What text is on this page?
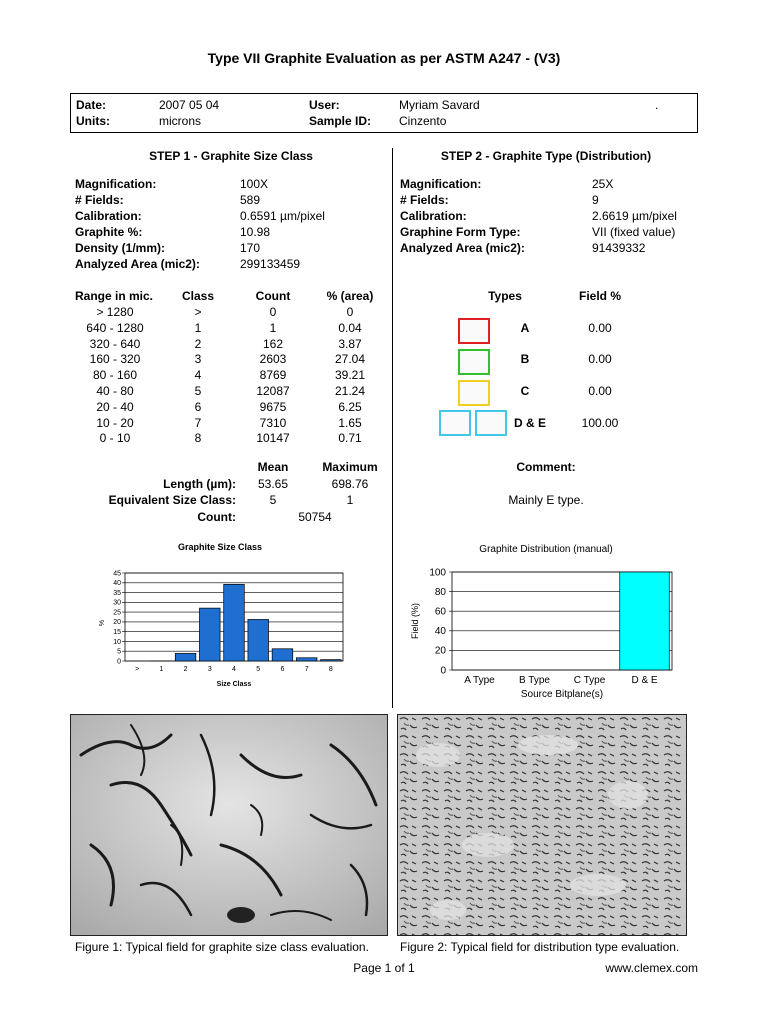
Type VII Graphite Evaluation as per ASTM A247 - (V3)
Date:	2007 05 04
Units:	microns
User:	Myriam Savard
Sample ID: Cinzento
.
STEP 1 - Graphite Size Class
Magnification:	100X
# Fields:	589
Calibration:	0.6591 µm/pixel
Graphite %:	10.98
Density (1/mm):	170
Analyzed Area (mic2):	299133459
Range in mic.	Class	Count	% (area)
> 1280	>	0	0
640 - 1280	1	1	0.04
320 - 640	2	162	3.87
160 - 320	3	2603	27.04
80 - 160	4	8769	39.21
40 - 80	5	12087	21.24
20 - 40	6	9675	6.25
10 - 20	7	7310	1.65
0 - 10	8	10147	0.71
Mean	Maximum
Length (µm):	53.65	698.76
Equivalent Size Class:	5	1
Count:	50754
Graphite Size Class
%
Size Class
0
5
10
15
20
25
30
35
40
45
>	1	2	3	4	5	6	7	8
STEP 2 - Graphite Type (Distribution)
Magnification:	25X
# Fields:	9
Calibration:	2.6619 µm/pixel
Graphine Form Type:	VII (fixed value)
Analyzed Area (mic2):	91439332
Types	Field %
A	0.00
B	0.00
C	0.00
D & E	100.00
Comment:
Mainly E type.
Graphite Distribution (manual)
Field (%)
Source Bitplane(s)
0
20
40
60
80
100
A Type B Type C Type	D & E
Figure 1: Typical field for graphite size class evaluation.	Figure 2: Typical field for distribution type evaluation.
Page 1 of 1	www.clemex.com
